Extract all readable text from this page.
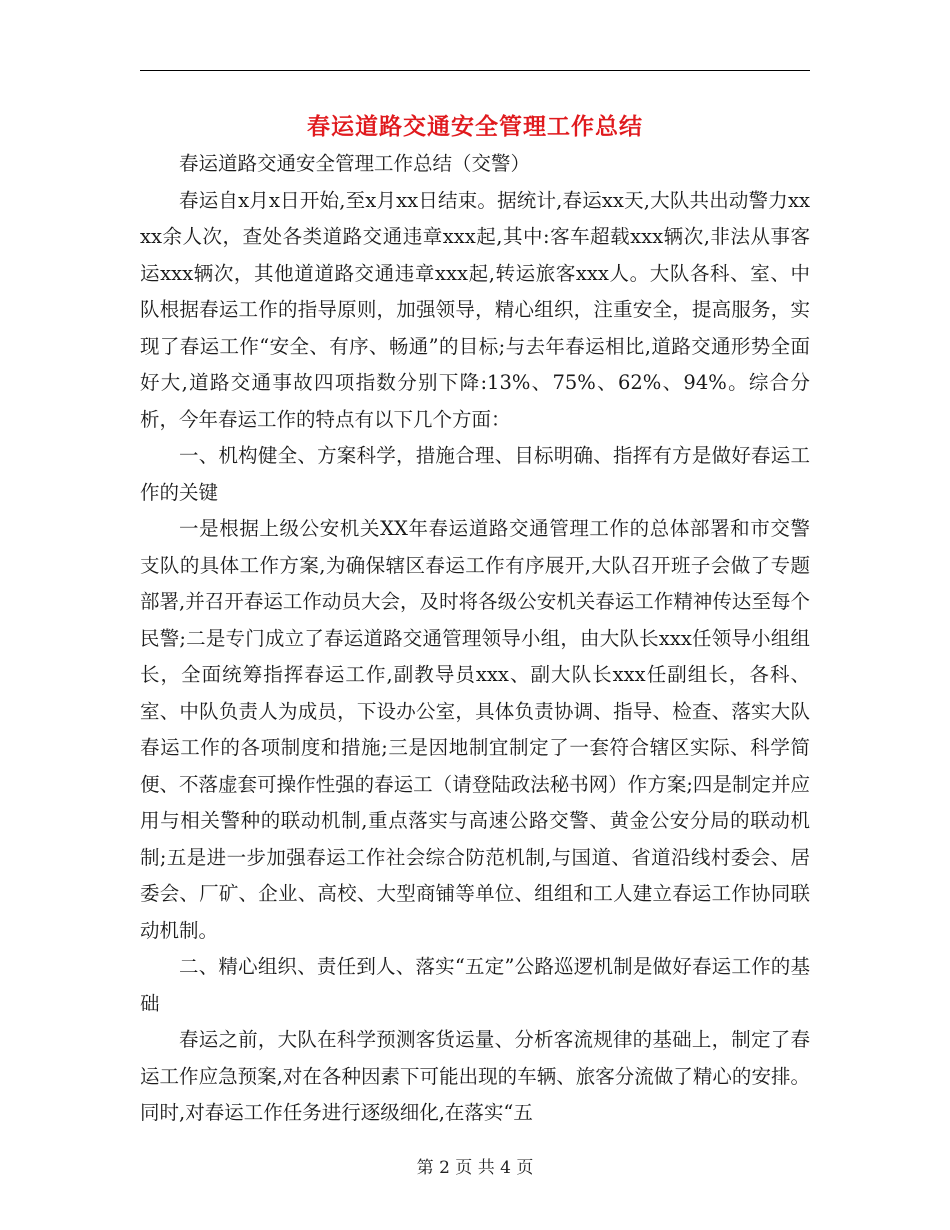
春运道路交通安全管理工作总结

春运道路交通安全管理工作总结（交警）

春运自x月x日开始,至x月xx日结束。据统计,春运xx天,大队共出动警力xxxx余人次，查处各类道路交通违章xxx起,其中:客车超载xxx辆次,非法从事客运xxx辆次，其他道道路交通违章xxx起,转运旅客xxx人。大队各科、室、中队根据春运工作的指导原则，加强领导，精心组织，注重安全，提高服务，实现了春运工作“安全、有序、畅通”的目标;与去年春运相比,道路交通形势全面好大,道路交通事故四项指数分别下降:13%、75%、62%、94%。综合分析，今年春运工作的特点有以下几个方面：

一、机构健全、方案科学，措施合理、目标明确、指挥有方是做好春运工作的关键

一是根据上级公安机关XX年春运道路交通管理工作的总体部署和市交警支队的具体工作方案,为确保辖区春运工作有序展开,大队召开班子会做了专题部署,并召开春运工作动员大会，及时将各级公安机关春运工作精神传达至每个民警;二是专门成立了春运道路交通管理领导小组，由大队长xxx任领导小组组长，全面统筹指挥春运工作,副教导员xxx、副大队长xxx任副组长，各科、室、中队负责人为成员，下设办公室，具体负责协调、指导、检查、落实大队春运工作的各项制度和措施;三是因地制宜制定了一套符合辖区实际、科学简便、不落虚套可操作性强的春运工（请登陆政法秘书网）作方案;四是制定并应用与相关警种的联动机制,重点落实与高速公路交警、黄金公安分局的联动机制;五是进一步加强春运工作社会综合防范机制,与国道、省道沿线村委会、居委会、厂矿、企业、高校、大型商铺等单位、组组和工人建立春运工作协同联动机制。

二、精心组织、责任到人、落实“五定”公路巡逻机制是做好春运工作的基础

春运之前，大队在科学预测客货运量、分析客流规律的基础上，制定了春运工作应急预案,对在各种因素下可能出现的车辆、旅客分流做了精心的安排。同时,对春运工作任务进行逐级细化,在落实“五

第 2 页 共 4 页
